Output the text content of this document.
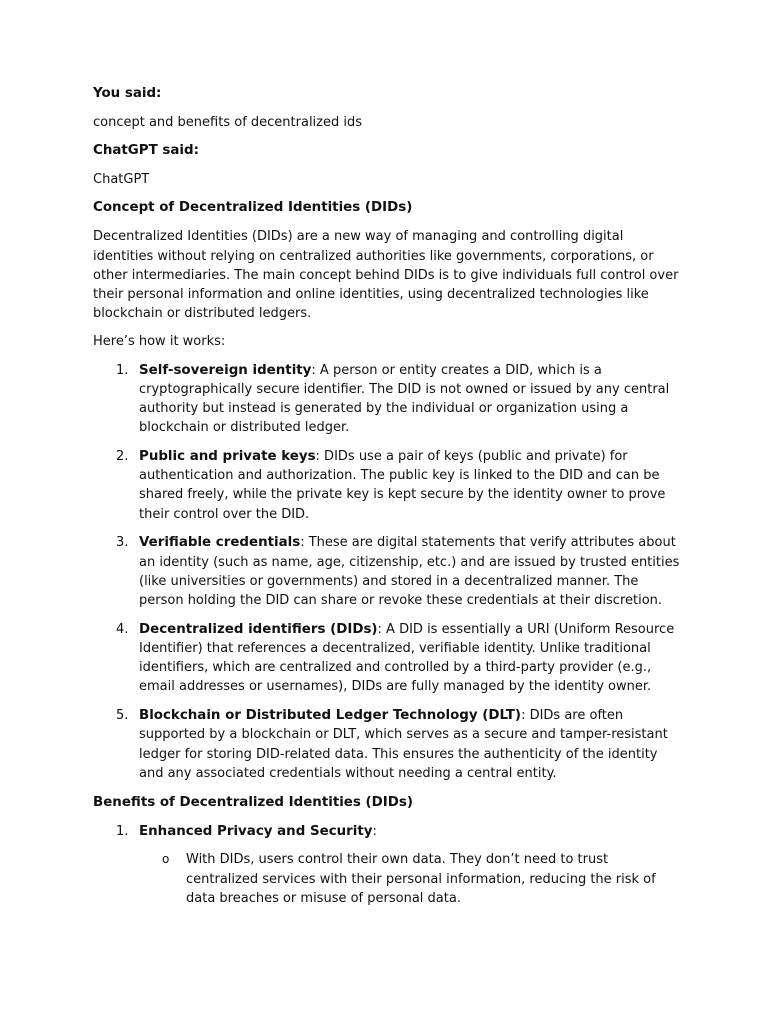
You said:

concept and benefits of decentralized ids

ChatGPT said:

ChatGPT

Concept of Decentralized Identities (DIDs)

Decentralized Identities (DIDs) are a new way of managing and controlling digital identities without relying on centralized authorities like governments, corporations, or other intermediaries. The main concept behind DIDs is to give individuals full control over their personal information and online identities, using decentralized technologies like blockchain or distributed ledgers.

Here’s how it works:

1. Self-sovereign identity: A person or entity creates a DID, which is a cryptographically secure identifier. The DID is not owned or issued by any central authority but instead is generated by the individual or organization using a blockchain or distributed ledger.
2. Public and private keys: DIDs use a pair of keys (public and private) for authentication and authorization. The public key is linked to the DID and can be shared freely, while the private key is kept secure by the identity owner to prove their control over the DID.
3. Verifiable credentials: These are digital statements that verify attributes about an identity (such as name, age, citizenship, etc.) and are issued by trusted entities (like universities or governments) and stored in a decentralized manner. The person holding the DID can share or revoke these credentials at their discretion.
4. Decentralized identifiers (DIDs): A DID is essentially a URI (Uniform Resource Identifier) that references a decentralized, verifiable identity. Unlike traditional identifiers, which are centralized and controlled by a third-party provider (e.g., email addresses or usernames), DIDs are fully managed by the identity owner.
5. Blockchain or Distributed Ledger Technology (DLT): DIDs are often supported by a blockchain or DLT, which serves as a secure and tamper-resistant ledger for storing DID-related data. This ensures the authenticity of the identity and any associated credentials without needing a central entity.

Benefits of Decentralized Identities (DIDs)

1. Enhanced Privacy and Security:
o With DIDs, users control their own data. They don’t need to trust centralized services with their personal information, reducing the risk of data breaches or misuse of personal data.
